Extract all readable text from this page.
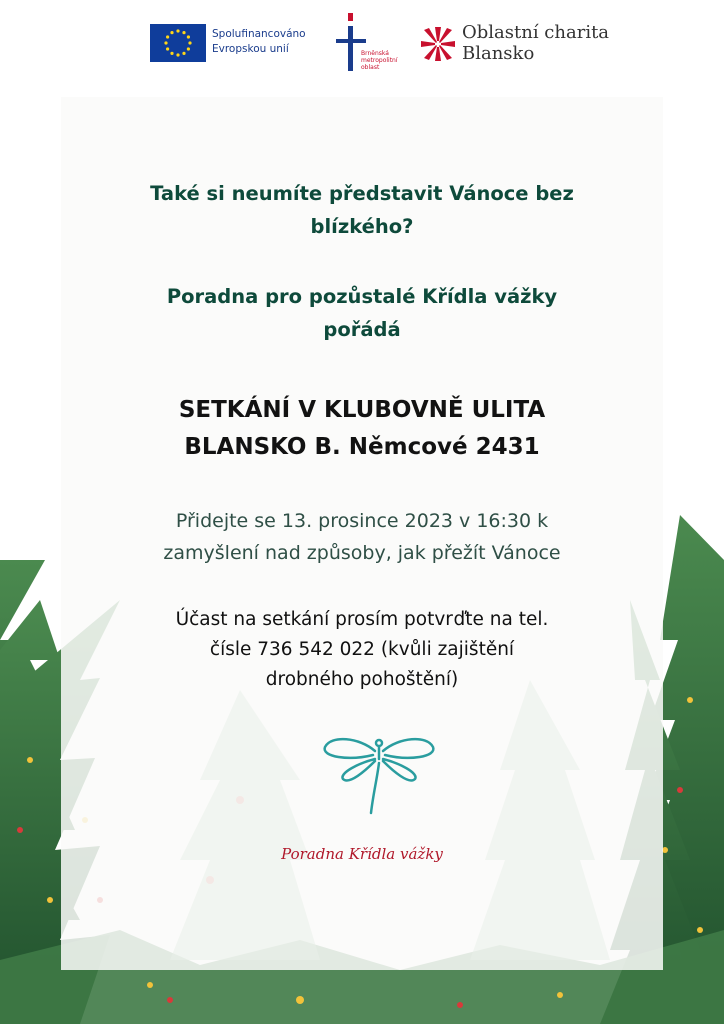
Spolufinancováno
Evropskou unií	Brněnská
metropolitní
oblast
Oblastní charita
Blansko
Také si neumíte představit Vánoce bez
blízkého?
Poradna pro pozůstalé Křídla vážky
pořádá
SETKÁNÍ V KLUBOVNĚ ULITA
BLANSKO B. Němcové 2431
Přidejte se 13. prosince 2023 v 16:30 k
zamyšlení nad způsoby, jak přežít Vánoce
Účast na setkání prosím potvrďte na tel.
čísle 736 542 022 (kvůli zajištění
drobného pohoštění)
Poradna Křídla vážky
